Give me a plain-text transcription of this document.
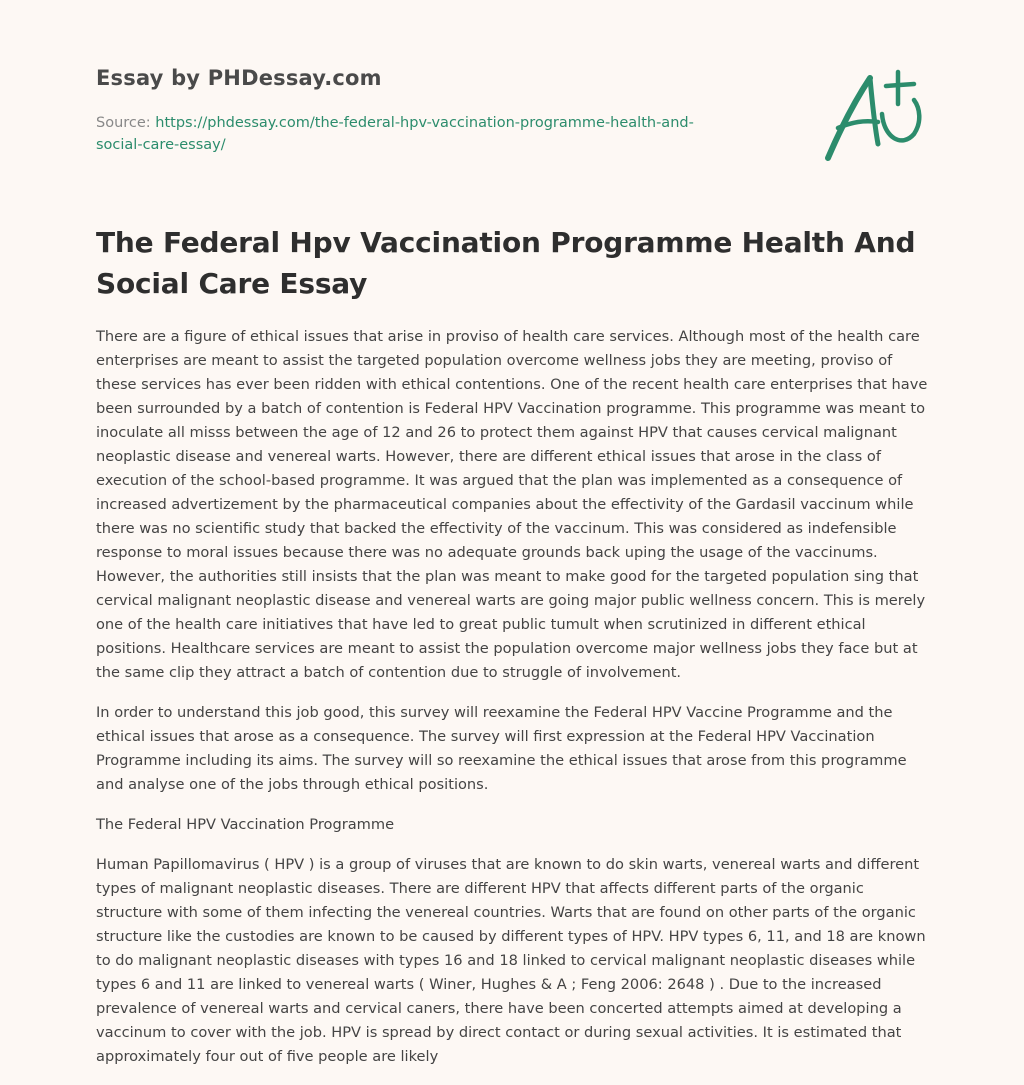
Essay by PHDessay.com
Source: https://phdessay.com/the-federal-hpv-vaccination-programme-health-and-social-care-essay/
The Federal Hpv Vaccination Programme Health And Social Care Essay

There are a figure of ethical issues that arise in proviso of health care services. Although most of the health care enterprises are meant to assist the targeted population overcome wellness jobs they are meeting, proviso of these services has ever been ridden with ethical contentions. One of the recent health care enterprises that have been surrounded by a batch of contention is Federal HPV Vaccination programme. This programme was meant to inoculate all misss between the age of 12 and 26 to protect them against HPV that causes cervical malignant neoplastic disease and venereal warts. However, there are different ethical issues that arose in the class of execution of the school-based programme. It was argued that the plan was implemented as a consequence of increased advertizement by the pharmaceutical companies about the effectivity of the Gardasil vaccinum while there was no scientific study that backed the effectivity of the vaccinum. This was considered as indefensible response to moral issues because there was no adequate grounds back uping the usage of the vaccinums. However, the authorities still insists that the plan was meant to make good for the targeted population sing that cervical malignant neoplastic disease and venereal warts are going major public wellness concern. This is merely one of the health care initiatives that have led to great public tumult when scrutinized in different ethical positions. Healthcare services are meant to assist the population overcome major wellness jobs they face but at the same clip they attract a batch of contention due to struggle of involvement.

In order to understand this job good, this survey will reexamine the Federal HPV Vaccine Programme and the ethical issues that arose as a consequence. The survey will first expression at the Federal HPV Vaccination Programme including its aims. The survey will so reexamine the ethical issues that arose from this programme and analyse one of the jobs through ethical positions.

The Federal HPV Vaccination Programme

Human Papillomavirus ( HPV ) is a group of viruses that are known to do skin warts, venereal warts and different types of malignant neoplastic diseases. There are different HPV that affects different parts of the organic structure with some of them infecting the venereal countries. Warts that are found on other parts of the organic structure like the custodies are known to be caused by different types of HPV. HPV types 6, 11, and 18 are known to do malignant neoplastic diseases with types 16 and 18 linked to cervical malignant neoplastic diseases while types 6 and 11 are linked to venereal warts ( Winer, Hughes & A ; Feng 2006: 2648 ) . Due to the increased prevalence of venereal warts and cervical caners, there have been concerted attempts aimed at developing a vaccinum to cover with the job. HPV is spread by direct contact or during sexual activities. It is estimated that approximately four out of five people are likely
